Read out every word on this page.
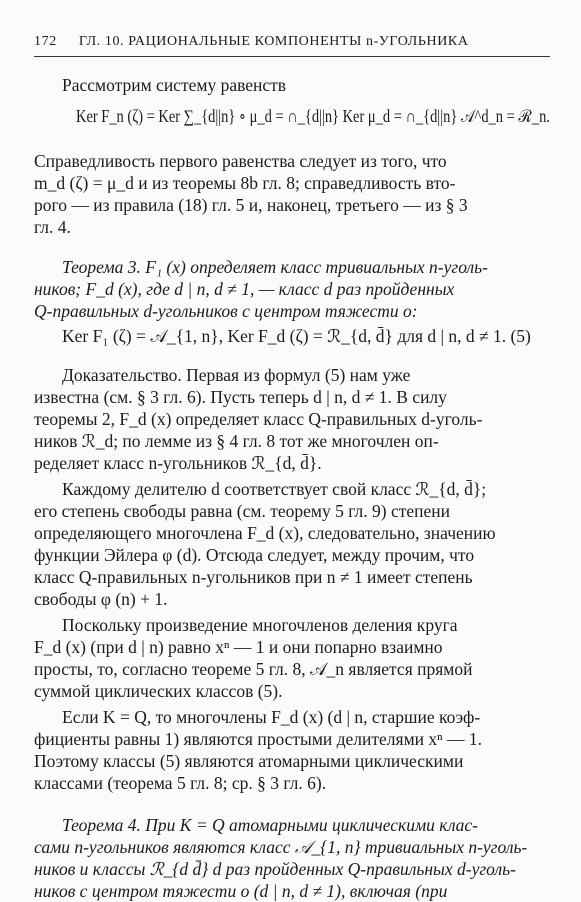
172 ГЛ. 10. РАЦИОНАЛЬНЫЕ КОМПОНЕНТЫ n-УГОЛЬНИКА
Рассмотрим систему равенств
Ker F_n (ζ) = Ker ∑_{d||n} ∘ μ_d = ∩_{d||n} Ker μ_d = ∩_{d||n} 𝒜^d_n = ℛ_n.
Справедливость первого равенства следует из того, что
m_d (ζ) = μ_d и из теоремы 8b гл. 8; справедливость вто-
рого — из правила (18) гл. 5 и, наконец, третьего — из § 3
гл. 4.
Теорема 3. F₁ (x) определяет класс тривиальных n-уголь-
ников; F_d (x), где d | n, d ≠ 1, — класс d раз пройденных
Q-правильных d-угольников с центром тяжести o:
Ker F₁ (ζ) = 𝒜_{1, n}, Ker F_d (ζ) = ℛ_{d, d̄} для d | n, d ≠ 1. (5)
Доказательство. Первая из формул (5) нам уже
известна (см. § 3 гл. 6). Пусть теперь d | n, d ≠ 1. В силу
теоремы 2, F_d (x) определяет класс Q-правильных d-уголь-
ников ℛ_d; по лемме из § 4 гл. 8 тот же многочлен оп-
ределяет класс n-угольников ℛ_{d, d̄}.
Каждому делителю d соответствует свой класс ℛ_{d, d̄};
его степень свободы равна (см. теорему 5 гл. 9) степени
определяющего многочлена F_d (x), следовательно, значению
функции Эйлера φ (d). Отсюда следует, между прочим, что
класс Q-правильных n-угольников при n ≠ 1 имеет степень
свободы φ (n) + 1.
Поскольку произведение многочленов деления круга
F_d (x) (при d | n) равно xⁿ — 1 и они попарно взаимно
просты, то, согласно теореме 5 гл. 8, 𝒜_n является прямой
суммой циклических классов (5).
Если K = Q, то многочлены F_d (x) (d | n, старшие коэф-
фициенты равны 1) являются простыми делителями xⁿ — 1.
Поэтому классы (5) являются атомарными циклическими
классами (теорема 5 гл. 8; ср. § 3 гл. 6).
Теорема 4. При K = Q атомарными циклическими клас-
сами n-угольников являются класс 𝒜_{1, n} тривиальных n-уголь-
ников и классы ℛ_{d d̄} d раз пройденных Q-правильных d-уголь-
ников с центром тяжести o (d | n, d ≠ 1), включая (при
